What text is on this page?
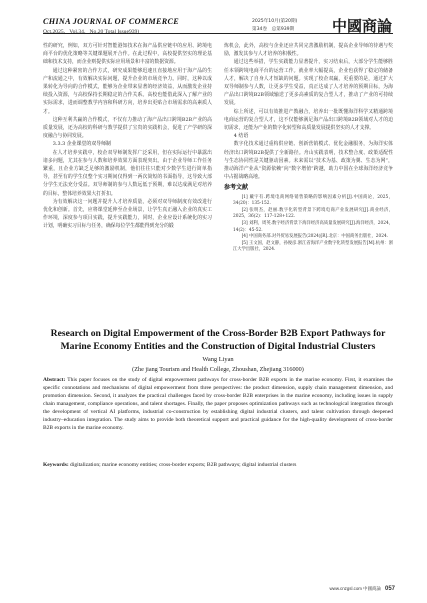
CHINA JOURNAL OF COMMERCE
Oct.2025，Vol.34，No.20 Total Issue939)
2025年10月(第20期)
第34卷　总第939期	中國商論

性的研究，例如，双方可针对智能港知技术在海产品供应链中的应用、跨境电商平台的优化策略等关键课题展开合作。在此过程中，高校提供坚实的理论基础和技术支持，而企业则提供实际应用场景和丰富的数据资源。

通过这种紧密的合作方式，研究成果能够迅速且直接地应用于海产品的生产和流通之中，有效解决实际问题，提升企业的市场竞争力。同时，这种以成果转化为导向的合作模式，能够为企业带来显著的经济效益，从而激发企业持续投入资源，与高校保持长期稳定的合作关系。高校也能借此深入了解产业的实际需求，进而调整教学内容和科研方向，培养出更贴合市场需求的高素质人才。

这种互利共赢的合作模式，不仅有力推动了海产品出口跨境B2B产业的高质量发展，还为高校的科研与教学提供了宝贵的实践机会，促进了产学研的深度融合与协同发展。

3.3.3 企业课堂的双导师制

在人才培养实践中，校企双导师制发挥广泛采用，但在实际运行中暴露出诸多问题，尤其在参与人数和培养效果方面表现突出。由于企业导师工作任务繁重，且企业方缺乏足够的激励机制，他们往往只能对少数学生进行简单指导，甚至有的学生仅整个实习期间仅得到一两次简短的书面指导，这导致大部分学生无法充分受益。双导师制的参与人数远低于预期，难以达成满足对培养的目标，整体培养效果大打折扣。

为有效解决这一问题并提升人才培养质量，必须对双导师制度有效改进行优化和创新。首先，应将课堂延伸至企业场景，让学生真正融入企业的真实工作环境，深度参与项目实践，提升实践能力，同时，企业应设计系统化的实习计划，明确实习目标与任务，确保每位学生都能得到充分的锻

炼机会，此外，高校与企业还应共同完善激励机制，提高企业导师的待遇与奖励，激发其参与人才培养的积极性。

通过这些举措，学生实践能力显著提升，实习结束后，大部分学生能够胜任本领跨境电商平台的运营工作。就业率大幅提高，企业也获得了稳定的储备人才，解决了自身人才短缺的问题。实现了校企双赢，更重要的是，通过扩大双导师制参与人数，让更多学生受益，真正达成了人才培养的预期目标，为海产品出口跨境B2B领域输送了更多高素质的复合型人才，推动了产业的可持续发展。

综上所述，可以有效推进产教融合，培养出一批既懂海洋科学又精通跨境电商运营的复合型人才，这不仅能够满足海产品出口跨境B2B领域对人才的迫切需求，还能为产业的数字化转型和高质量发展提供坚实的人才支撑。

4 结语

数字化技术通过重构供应链、创新营销模式、优化金融服务，为海洋实体经济出口跨境B2B提供了全新路径。舟山实践表明，技术整合度、政策适配性与生态协同性是关键驱动因素。未来需以“技术为基、政策为翼、生态为网”，推动海洋产业从“资源依赖”向“数字增值”跨越，助力中国在全球海洋经济竞争中占据战略高地。

参考文献

[1] 戴宇有.跨境电商网络销售策略的影响因素分析[J].中国商论，2025，34(20)：135-152.

[2] 张明杰，赵丽.数字化转型背景下跨境电商产业发展研究[J].商业经济，2025，36(2)：117-128+122.

[3] 刘利，周英.数字经济背景下海洋经济高质量发展研究[J].海洋经济，2024，14(2)：45-52.

[4] 中国商务部.对外贸易发展报告(2024)[R].北京：中国商务出版社，2024.

[5] 王文国，赵文静，孙俊彦.浙江省海洋产业数字化转型发展报告[M].杭州：浙江大学出版社，2024.

Research on Digital Empowerment of the Cross-Border B2B Export Pathways for Marine Economy Entities and the Construction of Digital Industrial Clusters
Wang Liyan
(Zhe jiang Tourism and Health College, Zhoushan, Zhejiang 316000)
Abstract: This paper focuses on the study of digital empowerment pathways for cross-border B2B exports in the marine economy. First, it examines the specific connotations and mechanisms of digital empowerment from three perspectives: the product dimension, supply chain management dimension, and promotion dimension. Second, it analyzes the practical challenges faced by cross-border B2B enterprises in the marine economy, including issues in supply chain management, compliance operations, and talent shortages. Finally, the paper proposes optimization pathways such as technological integration through the development of vertical AI platforms, industrial co-construction by establishing digital industrial clusters, and talent cultivation through deepened industry–education integration. The study aims to provide both theoretical support and practical guidance for the high-quality development of cross-border B2B exports in the marine economy.
Keywords: digitalization; marine economy entities; cross-border exports; B2B pathways; digital industrial clusters
www.cnzgsl.com 中國商論 057
